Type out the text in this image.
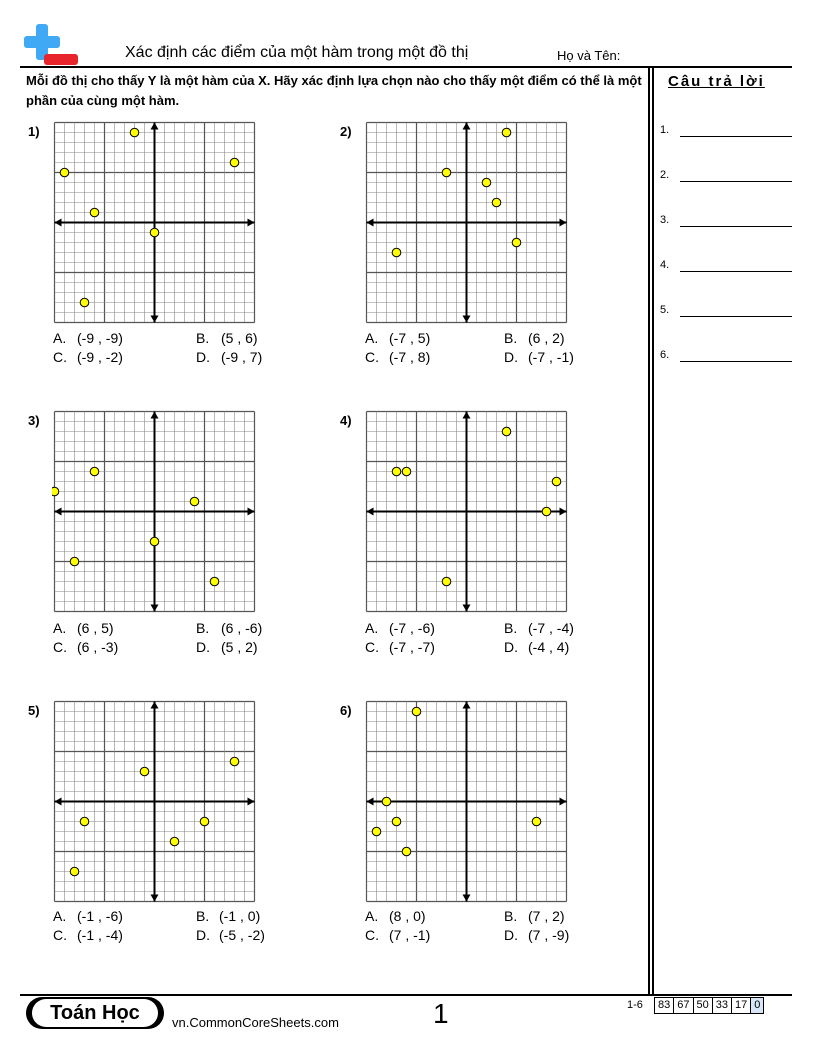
Xác định các điểm của một hàm trong một đồ thị	Họ và Tên:
Mỗi đồ thị cho thấy Y là một hàm của X. Hãy xác định lựa chọn nào cho thấy một điểm có thể là một phần của cùng một hàm.
Câu trả lời
1.
2.
3.
4.
5.
6.
1)
A. (-9 , -9)	B. (5 , 6)
C. (-9 , -2)	D. (-9 , 7)
2)
A. (-7 , 5)	B. (6 , 2)
C. (-7 , 8)	D. (-7 , -1)
3)
A. (6 , 5)	B. (6 , -6)
C. (6 , -3)	D. (5 , 2)
4)
A. (-7 , -6)	B. (-7 , -4)
C. (-7 , -7)	D. (-4 , 4)
5)
A. (-1 , -6)	B. (-1 , 0)
C. (-1 , -4)	D. (-5 , -2)
6)
A. (8 , 0)	B. (7 , 2)
C. (7 , -1)	D. (7 , -9)
Toán Học	vn.CommonCoreSheets.com	1	1-6	83 67 50 33 17 0
